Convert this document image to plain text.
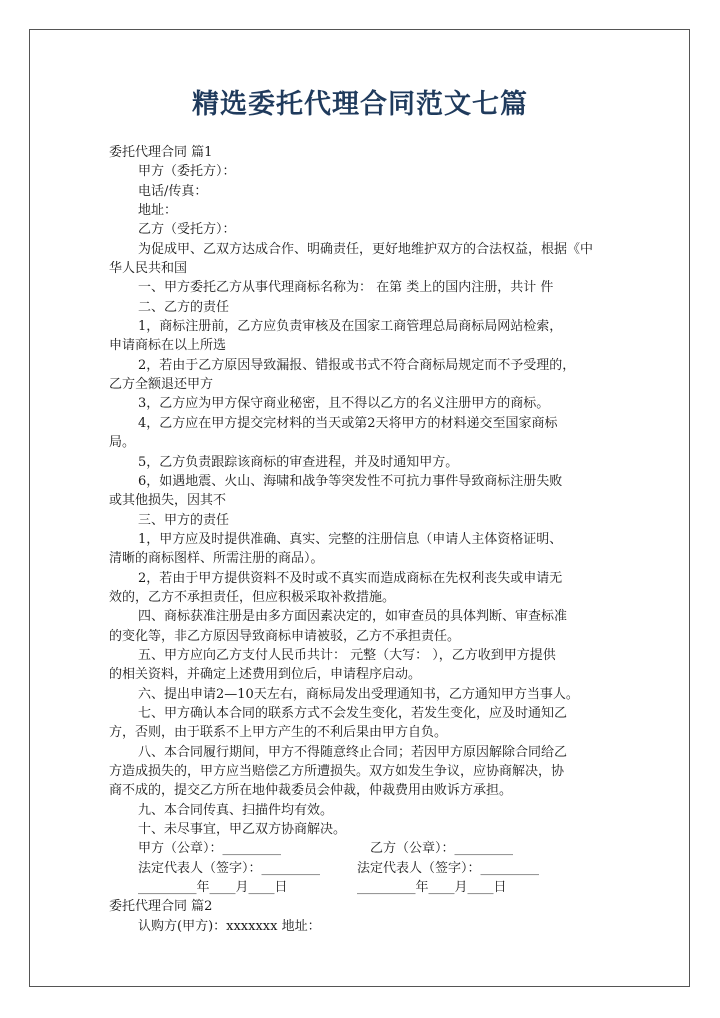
精选委托代理合同范文七篇

委托代理合同 篇1

甲方（委托方）：

电话/传真：

地址：

乙方（受托方）：

为促成甲、乙双方达成合作、明确责任，更好地维护双方的合法权益，根据《中

华人民共和国

一、甲方委托乙方从事代理商标名称为： 在第 类上的国内注册，共计 件

二、乙方的责任

1，商标注册前，乙方应负责审核及在国家工商管理总局商标局网站检索，

申请商标在以上所选

2，若由于乙方原因导致漏报、错报或书式不符合商标局规定而不予受理的，

乙方全额退还甲方

3，乙方应为甲方保守商业秘密，且不得以乙方的名义注册甲方的商标。

4，乙方应在甲方提交完材料的当天或第2天将甲方的材料递交至国家商标

局。

5，乙方负责跟踪该商标的审查进程，并及时通知甲方。

6，如遇地震、火山、海啸和战争等突发性不可抗力事件导致商标注册失败

或其他损失，因其不

三、甲方的责任

1，甲方应及时提供准确、真实、完整的注册信息（申请人主体资格证明、

清晰的商标图样、所需注册的商品）。

2，若由于甲方提供资料不及时或不真实而造成商标在先权利丧失或申请无

效的，乙方不承担责任，但应积极采取补救措施。

四、商标获准注册是由多方面因素决定的，如审查员的具体判断、审查标准

的变化等，非乙方原因导致商标申请被驳，乙方不承担责任。

五、甲方应向乙方支付人民币共计： 元整（大写： ），乙方收到甲方提供

的相关资料，并确定上述费用到位后，申请程序启动。

六、提出申请2—10天左右，商标局发出受理通知书，乙方通知甲方当事人。

七、甲方确认本合同的联系方式不会发生变化，若发生变化，应及时通知乙

方，否则，由于联系不上甲方产生的不利后果由甲方自负。

八、本合同履行期间，甲方不得随意终止合同；若因甲方原因解除合同给乙

方造成损失的，甲方应当赔偿乙方所遭损失。双方如发生争议，应协商解决，协

商不成的，提交乙方所在地仲裁委员会仲裁，仲裁费用由败诉方承担。

九、本合同传真、扫描件均有效。

十、未尽事宜，甲乙双方协商解决。

甲方（公章）：_________	乙方（公章）：_________

法定代表人（签字）：_________	法定代表人（签字）：_________

_________年____月____日	_________年____月____日

委托代理合同 篇2

认购方(甲方)：xxxxxxx 地址：
